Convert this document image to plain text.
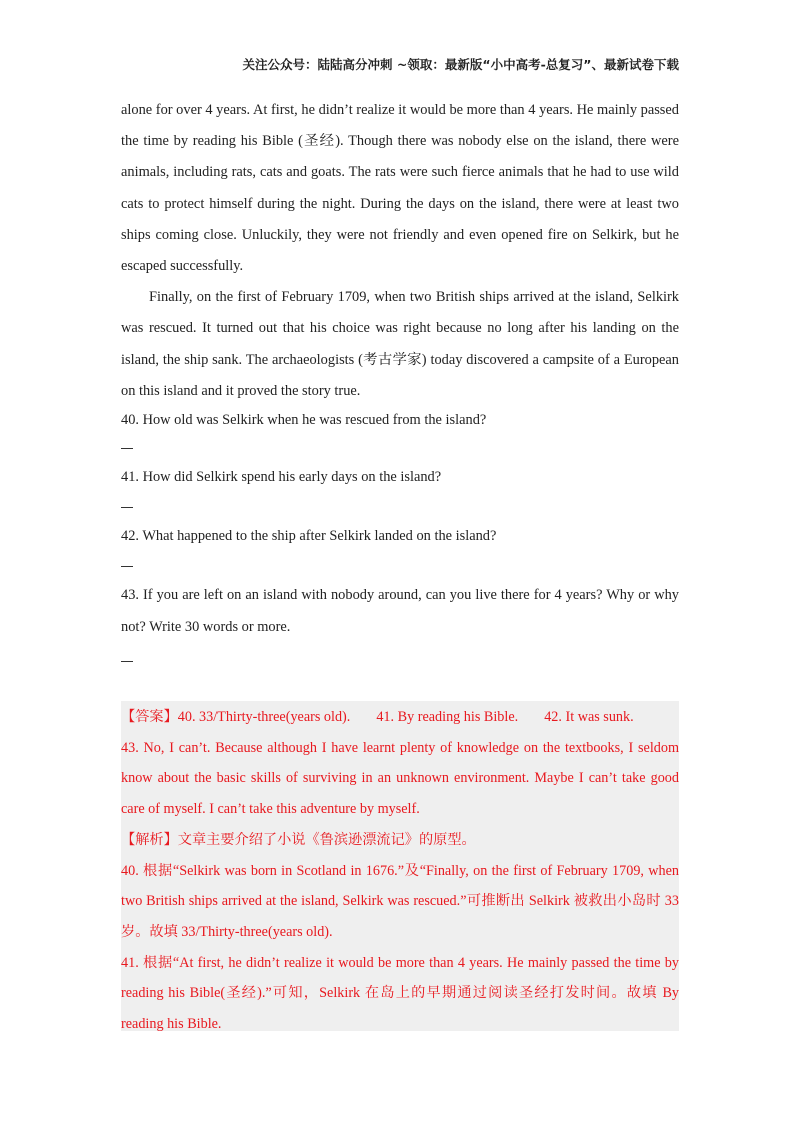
关注公众号：陆陆高分冲刺 ~领取：最新版“小中高考-总复习”、最新试卷下载

alone for over 4 years. At first, he didn’t realize it would be more than 4 years. He mainly passed the time by reading his Bible (圣经). Though there was nobody else on the island, there were animals, including rats, cats and goats. The rats were such fierce animals that he had to use wild cats to protect himself during the night. During the days on the island, there were at least two ships coming close. Unluckily, they were not friendly and even opened fire on Selkirk, but he escaped successfully.

Finally, on the first of February 1709, when two British ships arrived at the island, Selkirk was rescued. It turned out that his choice was right because no long after his landing on the island, the ship sank. The archaeologists (考古学家) today discovered a campsite of a European on this island and it proved the story true.

40. How old was Selkirk when he was rescued from the island?

41. How did Selkirk spend his early days on the island?

42. What happened to the ship after Selkirk landed on the island?

43. If you are left on an island with nobody around, can you live there for 4 years? Why or why not? Write 30 words or more.

【答案】40. 33/Thirty-three(years old). 41. By reading his Bible. 42. It was sunk.

43. No, I can’t. Because although I have learnt plenty of knowledge on the textbooks, I seldom know about the basic skills of surviving in an unknown environment. Maybe I can’t take good care of myself. I can’t take this adventure by myself.

【解析】文章主要介绍了小说《鲁滨逊漂流记》的原型。

40. 根据“Selkirk was born in Scotland in 1676.”及“Finally, on the first of February 1709, when two British ships arrived at the island, Selkirk was rescued.”可推断出 Selkirk 被救出小岛时 33 岁。故填 33/Thirty-three(years old).

41. 根据“At first, he didn’t realize it would be more than 4 years. He mainly passed the time by reading his Bible(圣经).”可知，Selkirk 在岛上的早期通过阅读圣经打发时间。故填 By reading his Bible.
